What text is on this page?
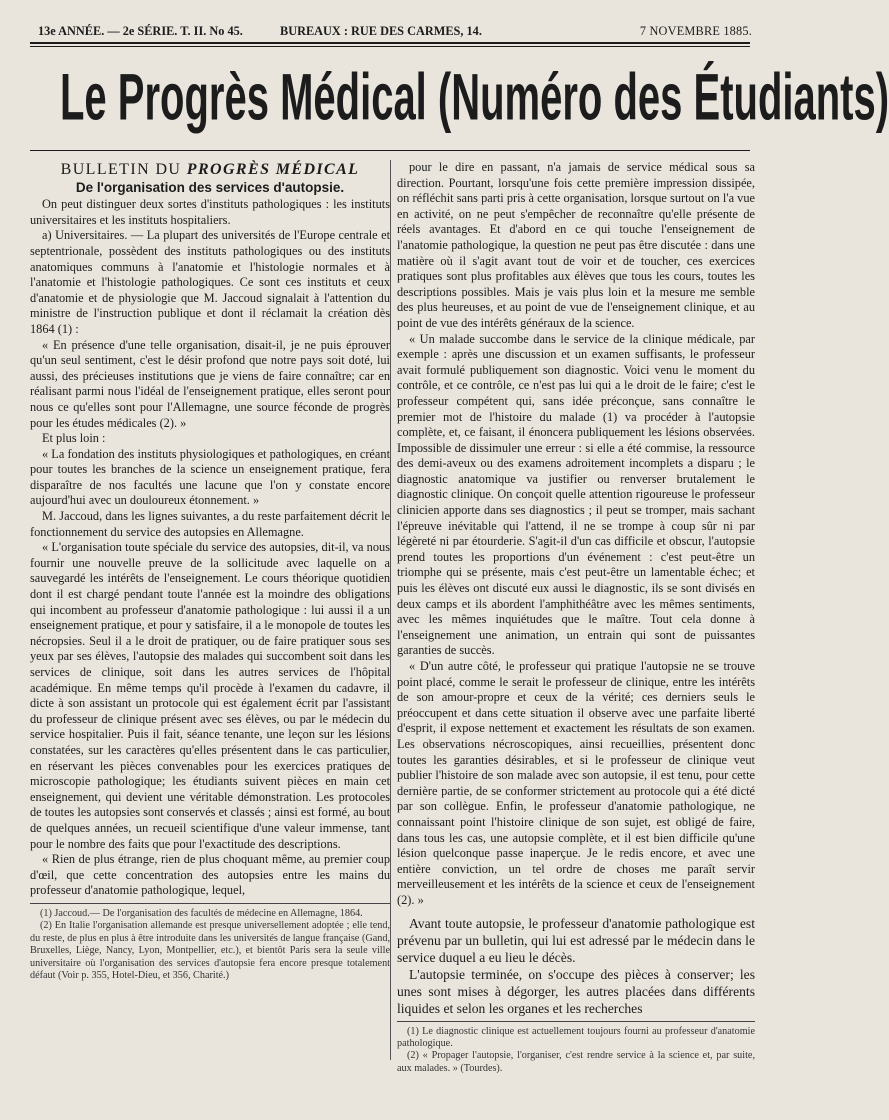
13e ANNÉE. — 2e SÉRIE. T. II. No 45.	BUREAUX : RUE DES CARMES, 14.	7 NOVEMBRE 1885.
Le Progrès Médical (Numéro des Étudiants)
BULLETIN DU PROGRÈS MÉDICAL
De l'organisation des services d'autopsie.

On peut distinguer deux sortes d'instituts pathologiques : les instituts universitaires et les instituts hospitaliers.

a) Universitaires. — La plupart des universités de l'Europe centrale et septentrionale, possèdent des instituts pathologiques ou des instituts anatomiques communs à l'anatomie et l'histologie normales et à l'anatomie et l'histologie pathologiques. Ce sont ces instituts et ceux d'anatomie et de physiologie que M. Jaccoud signalait à l'attention du ministre de l'instruction publique et dont il réclamait la création dès 1864 (1) :

« En présence d'une telle organisation, disait-il, je ne puis éprouver qu'un seul sentiment, c'est le désir profond que notre pays soit doté, lui aussi, des précieuses institutions que je viens de faire connaître; car en réalisant parmi nous l'idéal de l'enseignement pratique, elles seront pour nous ce qu'elles sont pour l'Allemagne, une source féconde de progrès pour les études médicales (2). »

Et plus loin :

« La fondation des instituts physiologiques et pathologiques, en créant pour toutes les branches de la science un enseignement pratique, fera disparaître de nos facultés une lacune que l'on y constate encore aujourd'hui avec un douloureux étonnement. »

M. Jaccoud, dans les lignes suivantes, a du reste parfaitement décrit le fonctionnement du service des autopsies en Allemagne.

« L'organisation toute spéciale du service des autopsies, dit-il, va nous fournir une nouvelle preuve de la sollicitude avec laquelle on a sauvegardé les intérêts de l'enseignement. Le cours théorique quotidien dont il est chargé pendant toute l'année est la moindre des obligations qui incombent au professeur d'anatomie pathologique : lui aussi il a un enseignement pratique, et pour y satisfaire, il a le monopole de toutes les nécropsies. Seul il a le droit de pratiquer, ou de faire pratiquer sous ses yeux par ses élèves, l'autopsie des malades qui succombent soit dans les services de clinique, soit dans les autres services de l'hôpital académique. En même temps qu'il procède à l'examen du cadavre, il dicte à son assistant un protocole qui est également écrit par l'assistant du professeur de clinique présent avec ses élèves, ou par le médecin du service hospitalier. Puis il fait, séance tenante, une leçon sur les lésions constatées, sur les caractères qu'elles présentent dans le cas particulier, en réservant les pièces convenables pour les exercices pratiques de microscopie pathologique; les étudiants suivent pièces en main cet enseignement, qui devient une véritable démonstration. Les protocoles de toutes les autopsies sont conservés et classés ; ainsi est formé, au bout de quelques années, un recueil scientifique d'une valeur immense, tant pour le nombre des faits que pour l'exactitude des descriptions.

« Rien de plus étrange, rien de plus choquant même, au premier coup d'œil, que cette concentration des autopsies entre les mains du professeur d'anatomie pathologique, lequel,

(1) Jaccoud.— De l'organisation des facultés de médecine en Allemagne, 1864.

(2) En Italie l'organisation allemande est presque universellement adoptée ; elle tend, du reste, de plus en plus à être introduite dans les universités de langue française (Gand, Bruxelles, Liège, Nancy, Lyon, Montpellier, etc.), et bientôt Paris sera la seule ville universitaire où l'organisation des services d'autopsie fera encore presque totalement défaut (Voir p. 355, Hotel-Dieu, et 356, Charité.)

pour le dire en passant, n'a jamais de service médical sous sa direction. Pourtant, lorsqu'une fois cette première impression dissipée, on réfléchit sans parti pris à cette organisation, lorsque surtout on l'a vue en activité, on ne peut s'empêcher de reconnaître qu'elle présente de réels avantages. Et d'abord en ce qui touche l'enseignement de l'anatomie pathologique, la question ne peut pas être discutée : dans une matière où il s'agit avant tout de voir et de toucher, ces exercices pratiques sont plus profitables aux élèves que tous les cours, toutes les descriptions possibles. Mais je vais plus loin et la mesure me semble des plus heureuses, et au point de vue de l'enseignement clinique, et au point de vue des intérêts généraux de la science.

« Un malade succombe dans le service de la clinique médicale, par exemple : après une discussion et un examen suffisants, le professeur avait formulé publiquement son diagnostic. Voici venu le moment du contrôle, et ce contrôle, ce n'est pas lui qui a le droit de le faire; c'est le professeur compétent qui, sans idée préconçue, sans connaître le premier mot de l'histoire du malade (1) va procéder à l'autopsie complète, et, ce faisant, il énoncera publiquement les lésions observées. Impossible de dissimuler une erreur : si elle a été commise, la ressource des demi-aveux ou des examens adroitement incomplets a disparu ; le diagnostic anatomique va justifier ou renverser brutalement le diagnostic clinique. On conçoit quelle attention rigoureuse le professeur clinicien apporte dans ses diagnostics ; il peut se tromper, mais sachant l'épreuve inévitable qui l'attend, il ne se trompe à coup sûr ni par légèreté ni par étourderie. S'agit-il d'un cas difficile et obscur, l'autopsie prend toutes les proportions d'un événement : c'est peut-être un triomphe qui se présente, mais c'est peut-être un lamentable échec; et puis les élèves ont discuté eux aussi le diagnostic, ils se sont divisés en deux camps et ils abordent l'amphithéâtre avec les mêmes sentiments, avec les mêmes inquiétudes que le maître. Tout cela donne à l'enseignement une animation, un entrain qui sont de puissantes garanties de succès.

« D'un autre côté, le professeur qui pratique l'autopsie ne se trouve point placé, comme le serait le professeur de clinique, entre les intérêts de son amour-propre et ceux de la vérité; ces derniers seuls le préoccupent et dans cette situation il observe avec une parfaite liberté d'esprit, il expose nettement et exactement les résultats de son examen. Les observations nécroscopiques, ainsi recueillies, présentent donc toutes les garanties désirables, et si le professeur de clinique veut publier l'histoire de son malade avec son autopsie, il est tenu, pour cette dernière partie, de se conformer strictement au protocole qui a été dicté par son collègue. Enfin, le professeur d'anatomie pathologique, ne connaissant point l'histoire clinique de son sujet, est obligé de faire, dans tous les cas, une autopsie complète, et il est bien difficile qu'une lésion quelconque passe inaperçue. Je le redis encore, et avec une entière conviction, un tel ordre de choses me paraît servir merveilleusement et les intérêts de la science et ceux de l'enseignement (2). »

Avant toute autopsie, le professeur d'anatomie pathologique est prévenu par un bulletin, qui lui est adressé par le médecin dans le service duquel a eu lieu le décès.

L'autopsie terminée, on s'occupe des pièces à conserver; les unes sont mises à dégorger, les autres placées dans différents liquides et selon les organes et les recherches

(1) Le diagnostic clinique est actuellement toujours fourni au professeur d'anatomie pathologique.

(2) « Propager l'autopsie, l'organiser, c'est rendre service à la science et, par suite, aux malades. » (Tourdes).
